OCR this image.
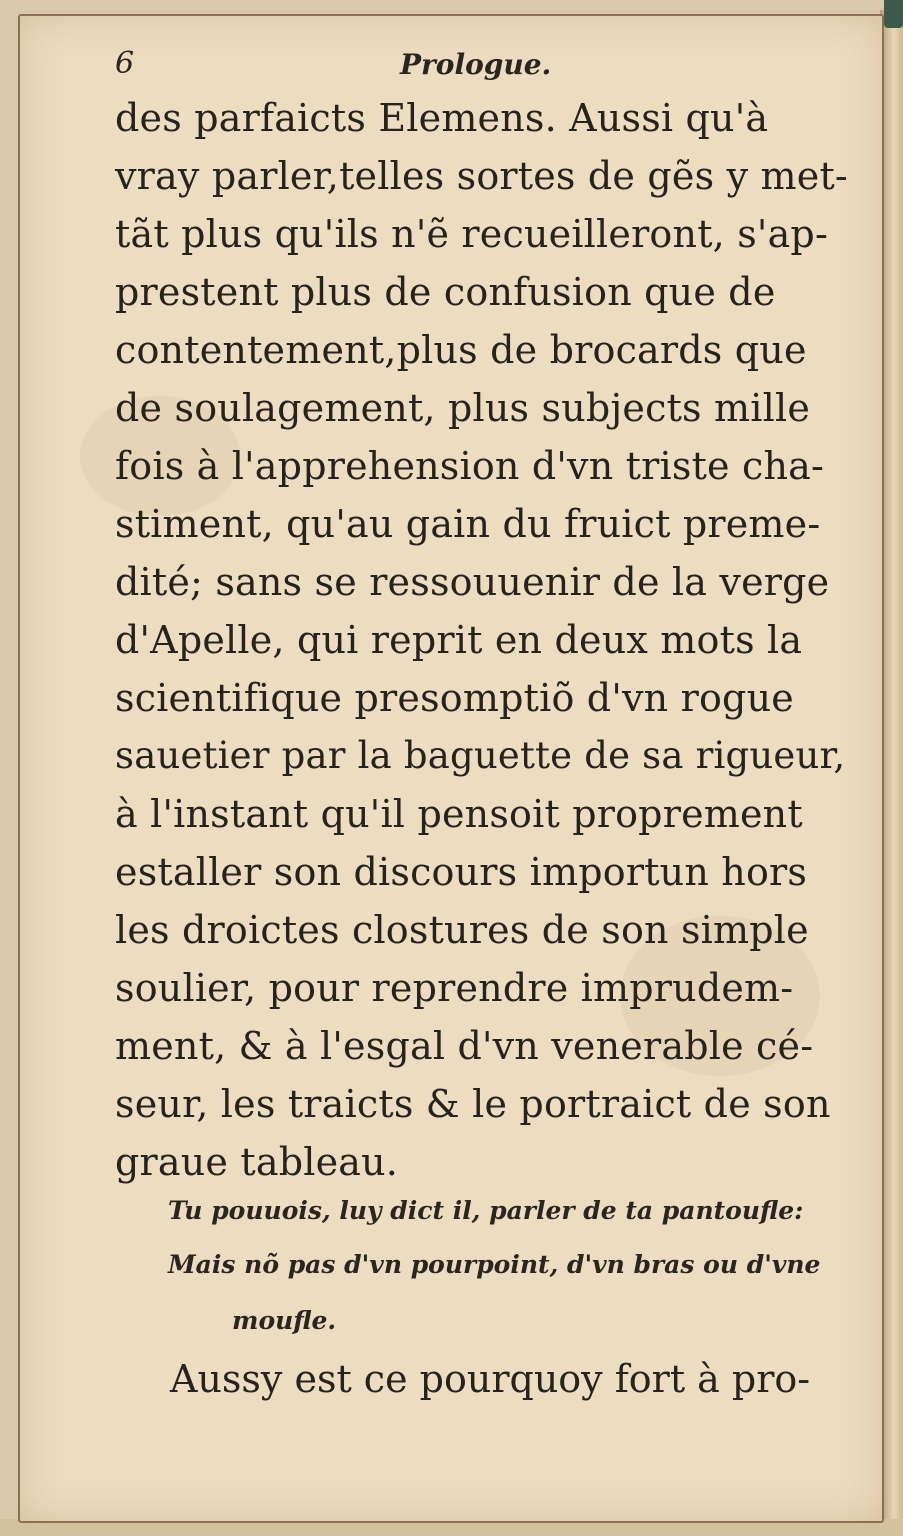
6	Prologue.
des parfaicts Elemens. Aussi qu'à
vray parler,telles sortes de gẽs y met-
tãt plus qu'ils n'ẽ recueilleront, s'ap-
prestent plus de confusion que de
contentement,plus de brocards que
de soulagement, plus subjects mille
fois à l'apprehension d'vn triste cha-
stiment, qu'au gain du fruict preme-
dité; sans se ressouuenir de la verge
d'Apelle, qui reprit en deux mots la
scientifique presomptiõ d'vn rogue
sauetier par la baguette de sa rigueur,
à l'instant qu'il pensoit proprement
estaller son discours importun hors
les droictes clostures de son simple
soulier, pour reprendre imprudem-
ment, & à l'esgal d'vn venerable cé-
seur, les traicts & le portraict de son
graue tableau.
Tu pouuois, luy dict il, parler de ta pantoufle:
Mais nõ pas d'vn pourpoint, d'vn bras ou d'vne
moufle.
Aussy est ce pourquoy fort à pro-
